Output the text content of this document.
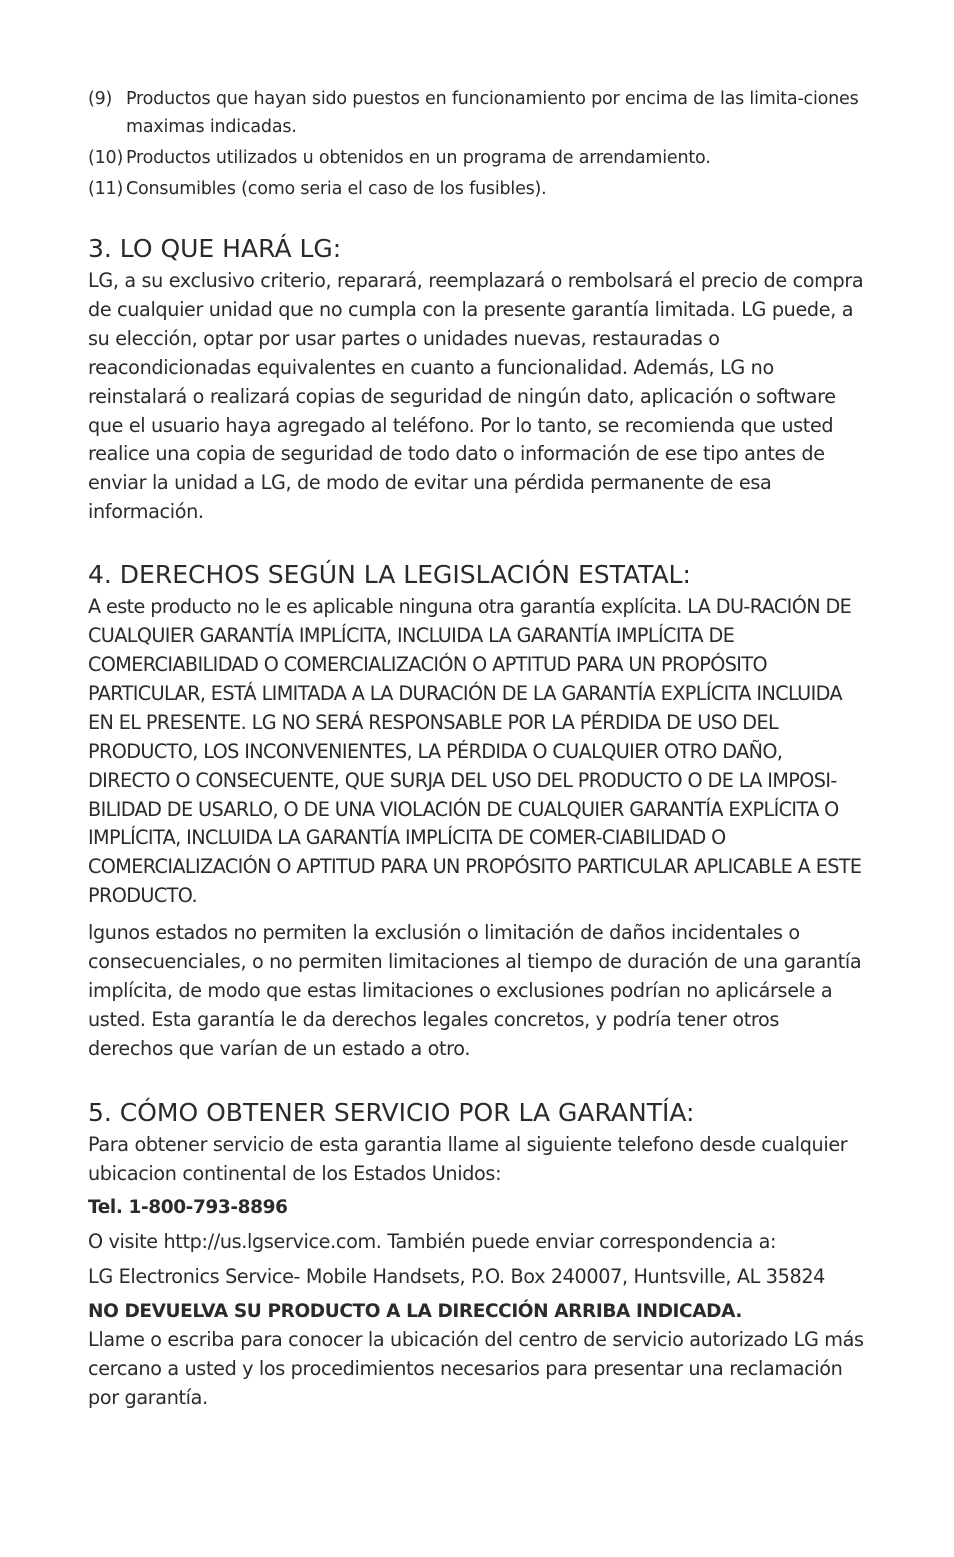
(9) Productos que hayan sido puestos en funcionamiento por encima de las limita-ciones maximas indicadas.
(10) Productos utilizados u obtenidos en un programa de arrendamiento.
(11) Consumibles (como seria el caso de los fusibles).
3. LO QUE HARÁ LG:

LG, a su exclusivo criterio, reparará, reemplazará o rembolsará el precio de compra de cualquier unidad que no cumpla con la presente garantía limitada. LG puede, a su elección, optar por usar partes o unidades nuevas, restauradas o reacondicionadas equivalentes en cuanto a funcionalidad. Además, LG no reinstalará o realizará copias de seguridad de ningún dato, aplicación o software que el usuario haya agregado al teléfono. Por lo tanto, se recomienda que usted realice una copia de seguridad de todo dato o información de ese tipo antes de enviar la unidad a LG, de modo de evitar una pérdida permanente de esa información.

4. DERECHOS SEGÚN LA LEGISLACIÓN ESTATAL:

A este producto no le es aplicable ninguna otra garantía explícita. LA DU-RACIÓN DE CUALQUIER GARANTÍA IMPLÍCITA, INCLUIDA LA GARANTÍA IMPLÍCITA DE COMERCIABILIDAD O COMERCIALIZACIÓN O APTITUD PARA UN PROPÓSITO PARTICULAR, ESTÁ LIMITADA A LA DURACIÓN DE LA GARANTÍA EXPLÍCITA INCLUIDA EN EL PRESENTE. LG NO SERÁ RESPONSABLE POR LA PÉRDIDA DE USO DEL PRODUCTO, LOS INCONVENIENTES, LA PÉRDIDA O CUALQUIER OTRO DAÑO, DIRECTO O CONSECUENTE, QUE SURJA DEL USO DEL PRODUCTO O DE LA IMPOSI-BILIDAD DE USARLO, O DE UNA VIOLACIÓN DE CUALQUIER GARANTÍA EXPLÍCITA O IMPLÍCITA, INCLUIDA LA GARANTÍA IMPLÍCITA DE COMER-CIABILIDAD O COMERCIALIZACIÓN O APTITUD PARA UN PROPÓSITO PARTICULAR APLICABLE A ESTE PRODUCTO.

lgunos estados no permiten la exclusión o limitación de daños incidentales o consecuenciales, o no permiten limitaciones al tiempo de duración de una garantía implícita, de modo que estas limitaciones o exclusiones podrían no aplicársele a usted. Esta garantía le da derechos legales concretos, y podría tener otros derechos que varían de un estado a otro.

5. CÓMO OBTENER SERVICIO POR LA GARANTÍA:

Para obtener servicio de esta garantia llame al siguiente telefono desde cualquier ubicacion continental de los Estados Unidos:

Tel. 1-800-793-8896

O visite http://us.lgservice.com. También puede enviar correspondencia a:

LG Electronics Service- Mobile Handsets, P.O. Box 240007, Huntsville, AL 35824

NO DEVUELVA SU PRODUCTO A LA DIRECCIÓN ARRIBA INDICADA.

Llame o escriba para conocer la ubicación del centro de servicio autorizado LG más cercano a usted y los procedimientos necesarios para presentar una reclamación por garantía.
